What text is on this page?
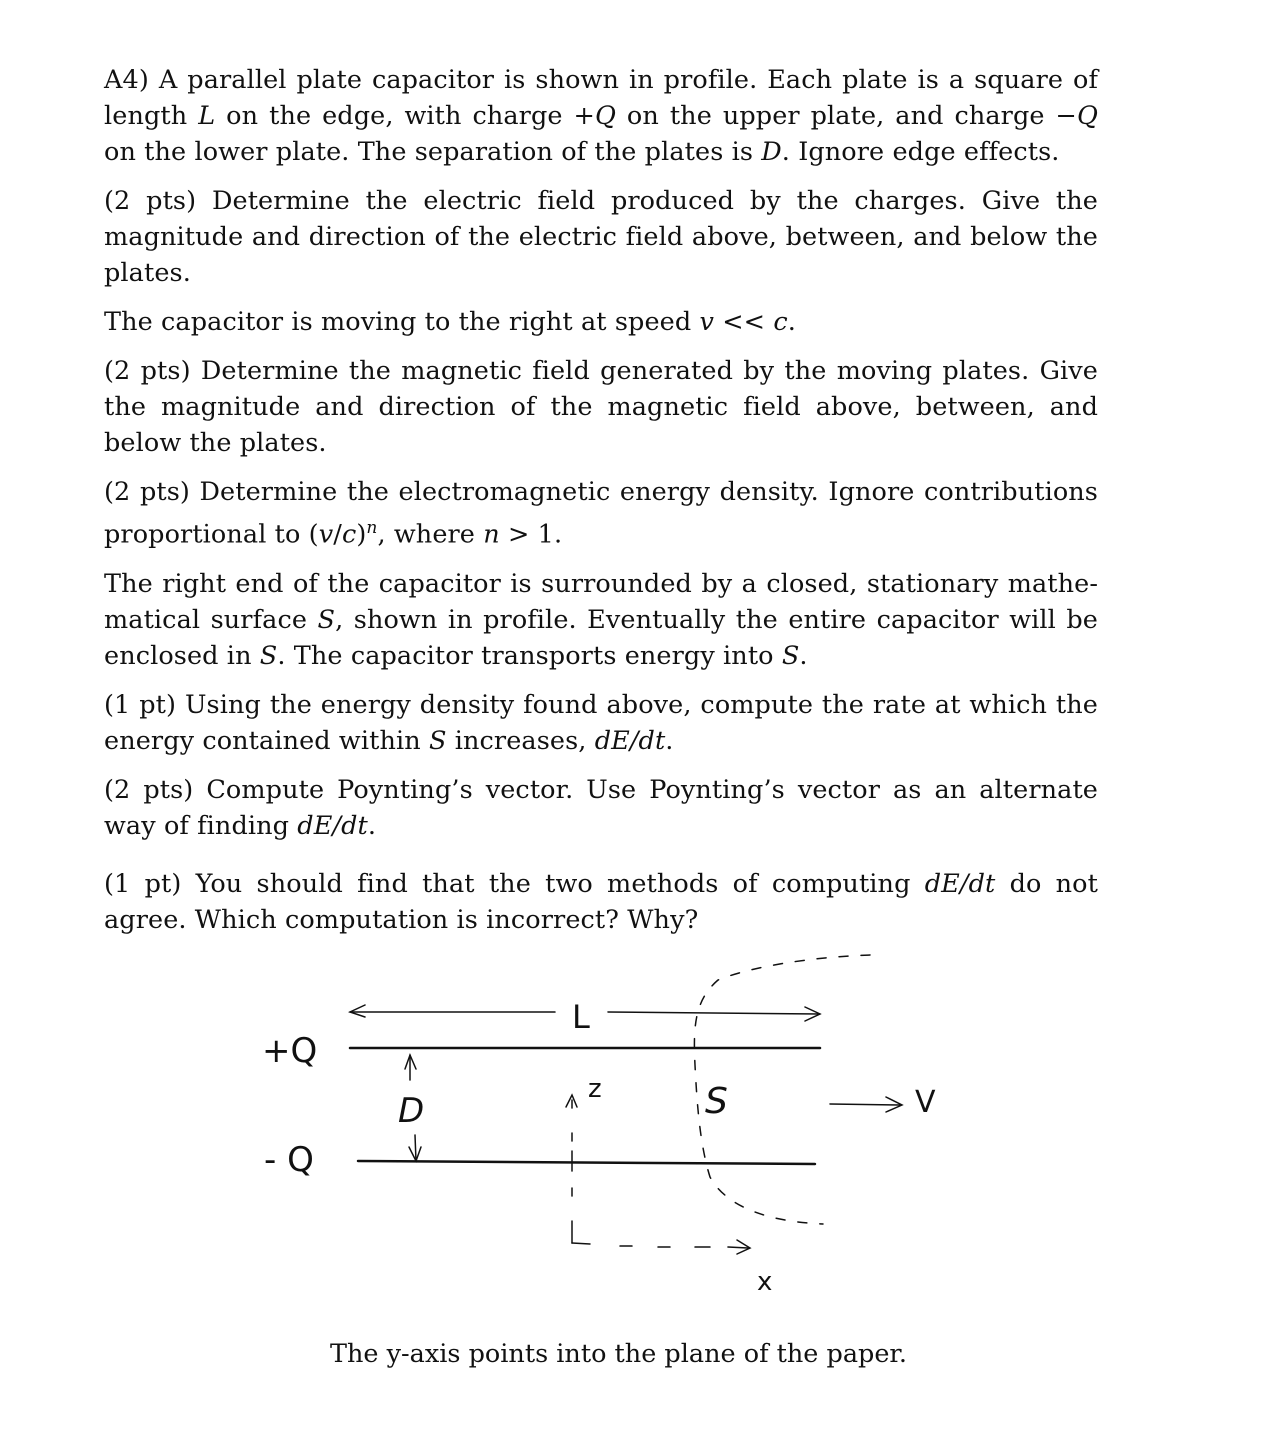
A4) A parallel plate capacitor is shown in profile. Each plate is a square of length L on the edge, with charge +Q on the upper plate, and charge −Q on the lower plate. The separation of the plates is D. Ignore edge effects.

(2 pts) Determine the electric field produced by the charges. Give the magnitude and direction of the electric field above, between, and below the plates.

The capacitor is moving to the right at speed v << c.

(2 pts) Determine the magnetic field generated by the moving plates. Give the magnitude and direction of the magnetic field above, between, and below the plates.

(2 pts) Determine the electromagnetic energy density. Ignore contributions proportional to $(v/c)^n$, where n > 1.

The right end of the capacitor is surrounded by a closed, stationary mathematical surface S, shown in profile. Eventually the entire capacitor will be enclosed in S. The capacitor transports energy into S.

(1 pt) Using the energy density found above, compute the rate at which the energy contained within S increases, dE/dt.

(2 pts) Compute Poynting’s vector. Use Poynting’s vector as an alternate way of finding dE/dt.

(1 pt) You should find that the two methods of computing dE/dt do not agree. Which computation is incorrect? Why?

+Q
- Q
L
D
z	S	V
x
The y-axis points into the plane of the paper.
